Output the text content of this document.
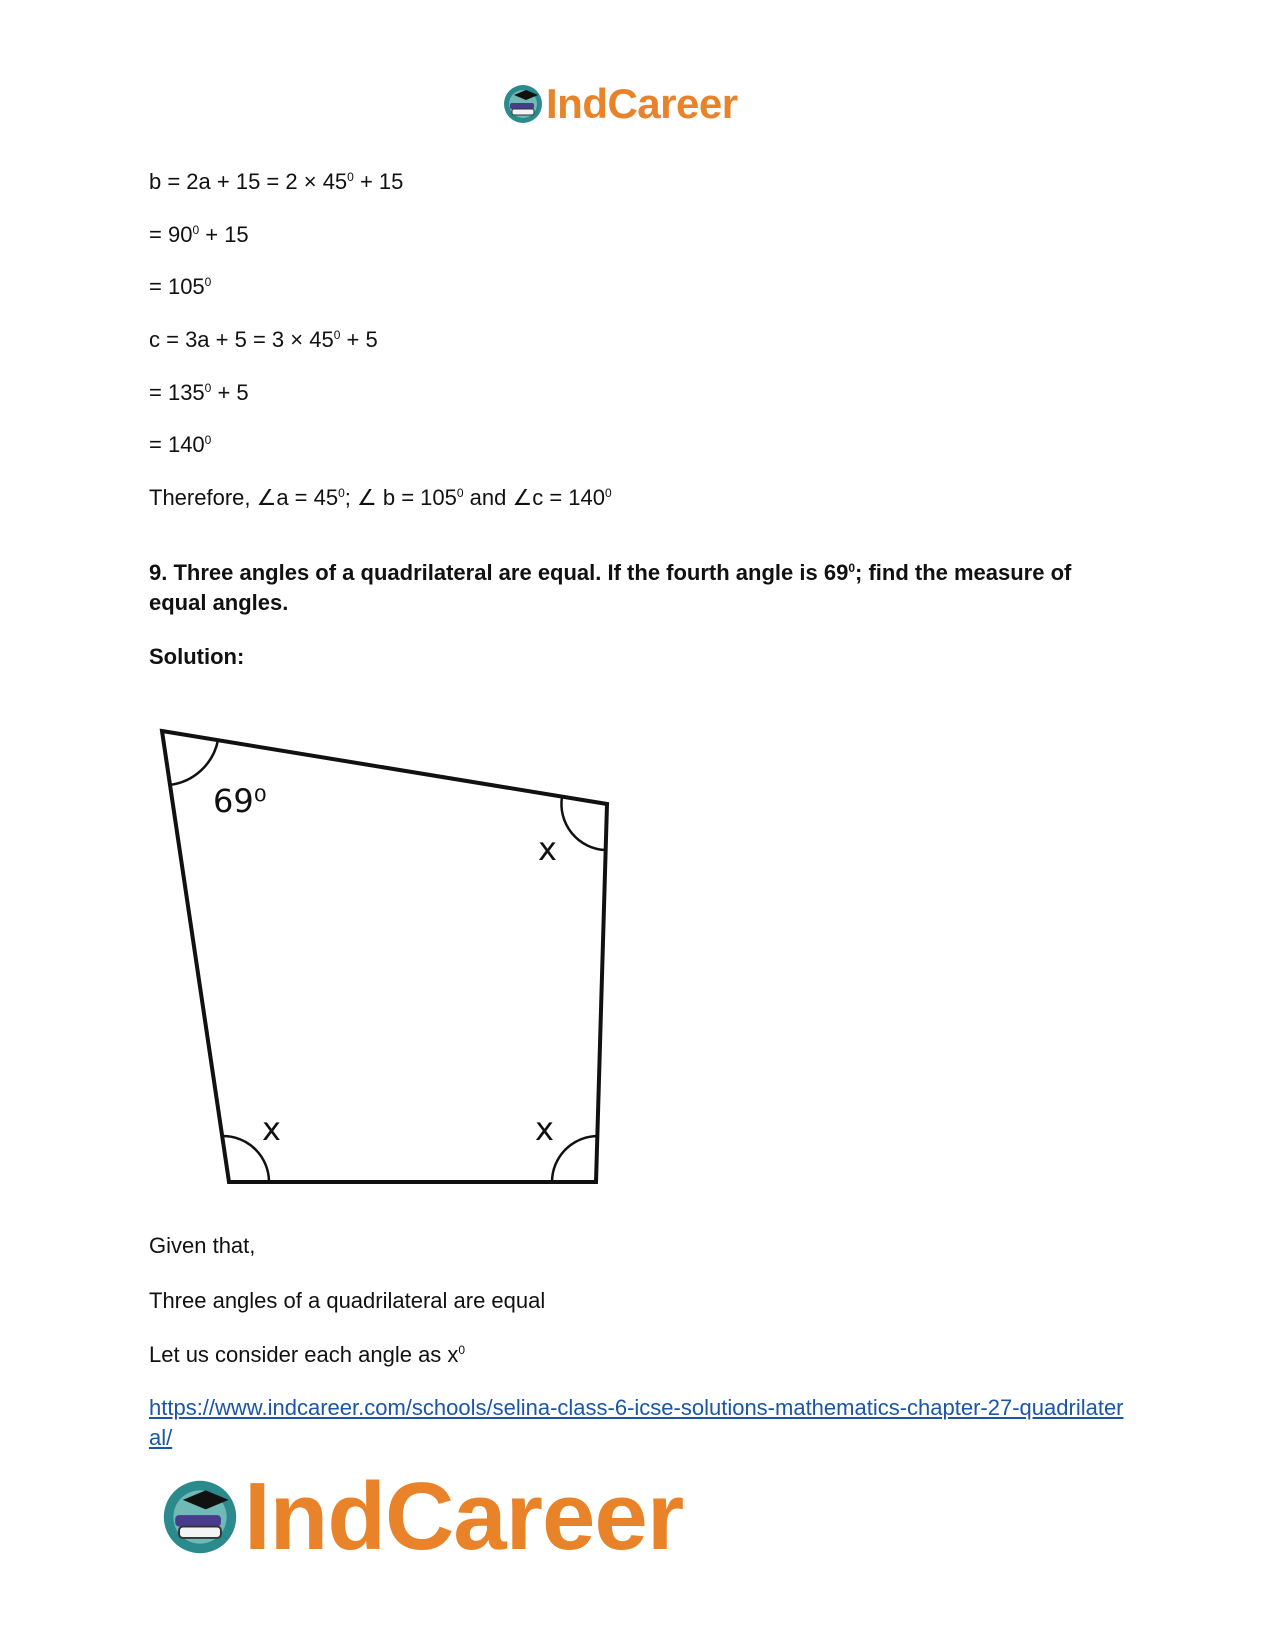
IndCareer
$b = 2a + 15 = 2 \times 45^0 + 15$
= $90^0 + 15$
= $105^0$
$c = 3a + 5 = 3 \times 45^0 + 5$
= $135^0 + 5$
= $140^0$
Therefore, ∠a = $45^0$; ∠ $b = 105^0$ and ∠c = $140^0$
9. Three angles of a quadrilateral are equal. If the fourth angle is $69^0$; find the measure of equal angles.
Solution:
69⁰
x
x	x
Given that,
Three angles of a quadrilateral are equal
Let us consider each angle as $x^0$
https://www.indcareer.com/schools/selina-class-6-icse-solutions-mathematics-chapter-27-quadrilateral/
IndCareer
